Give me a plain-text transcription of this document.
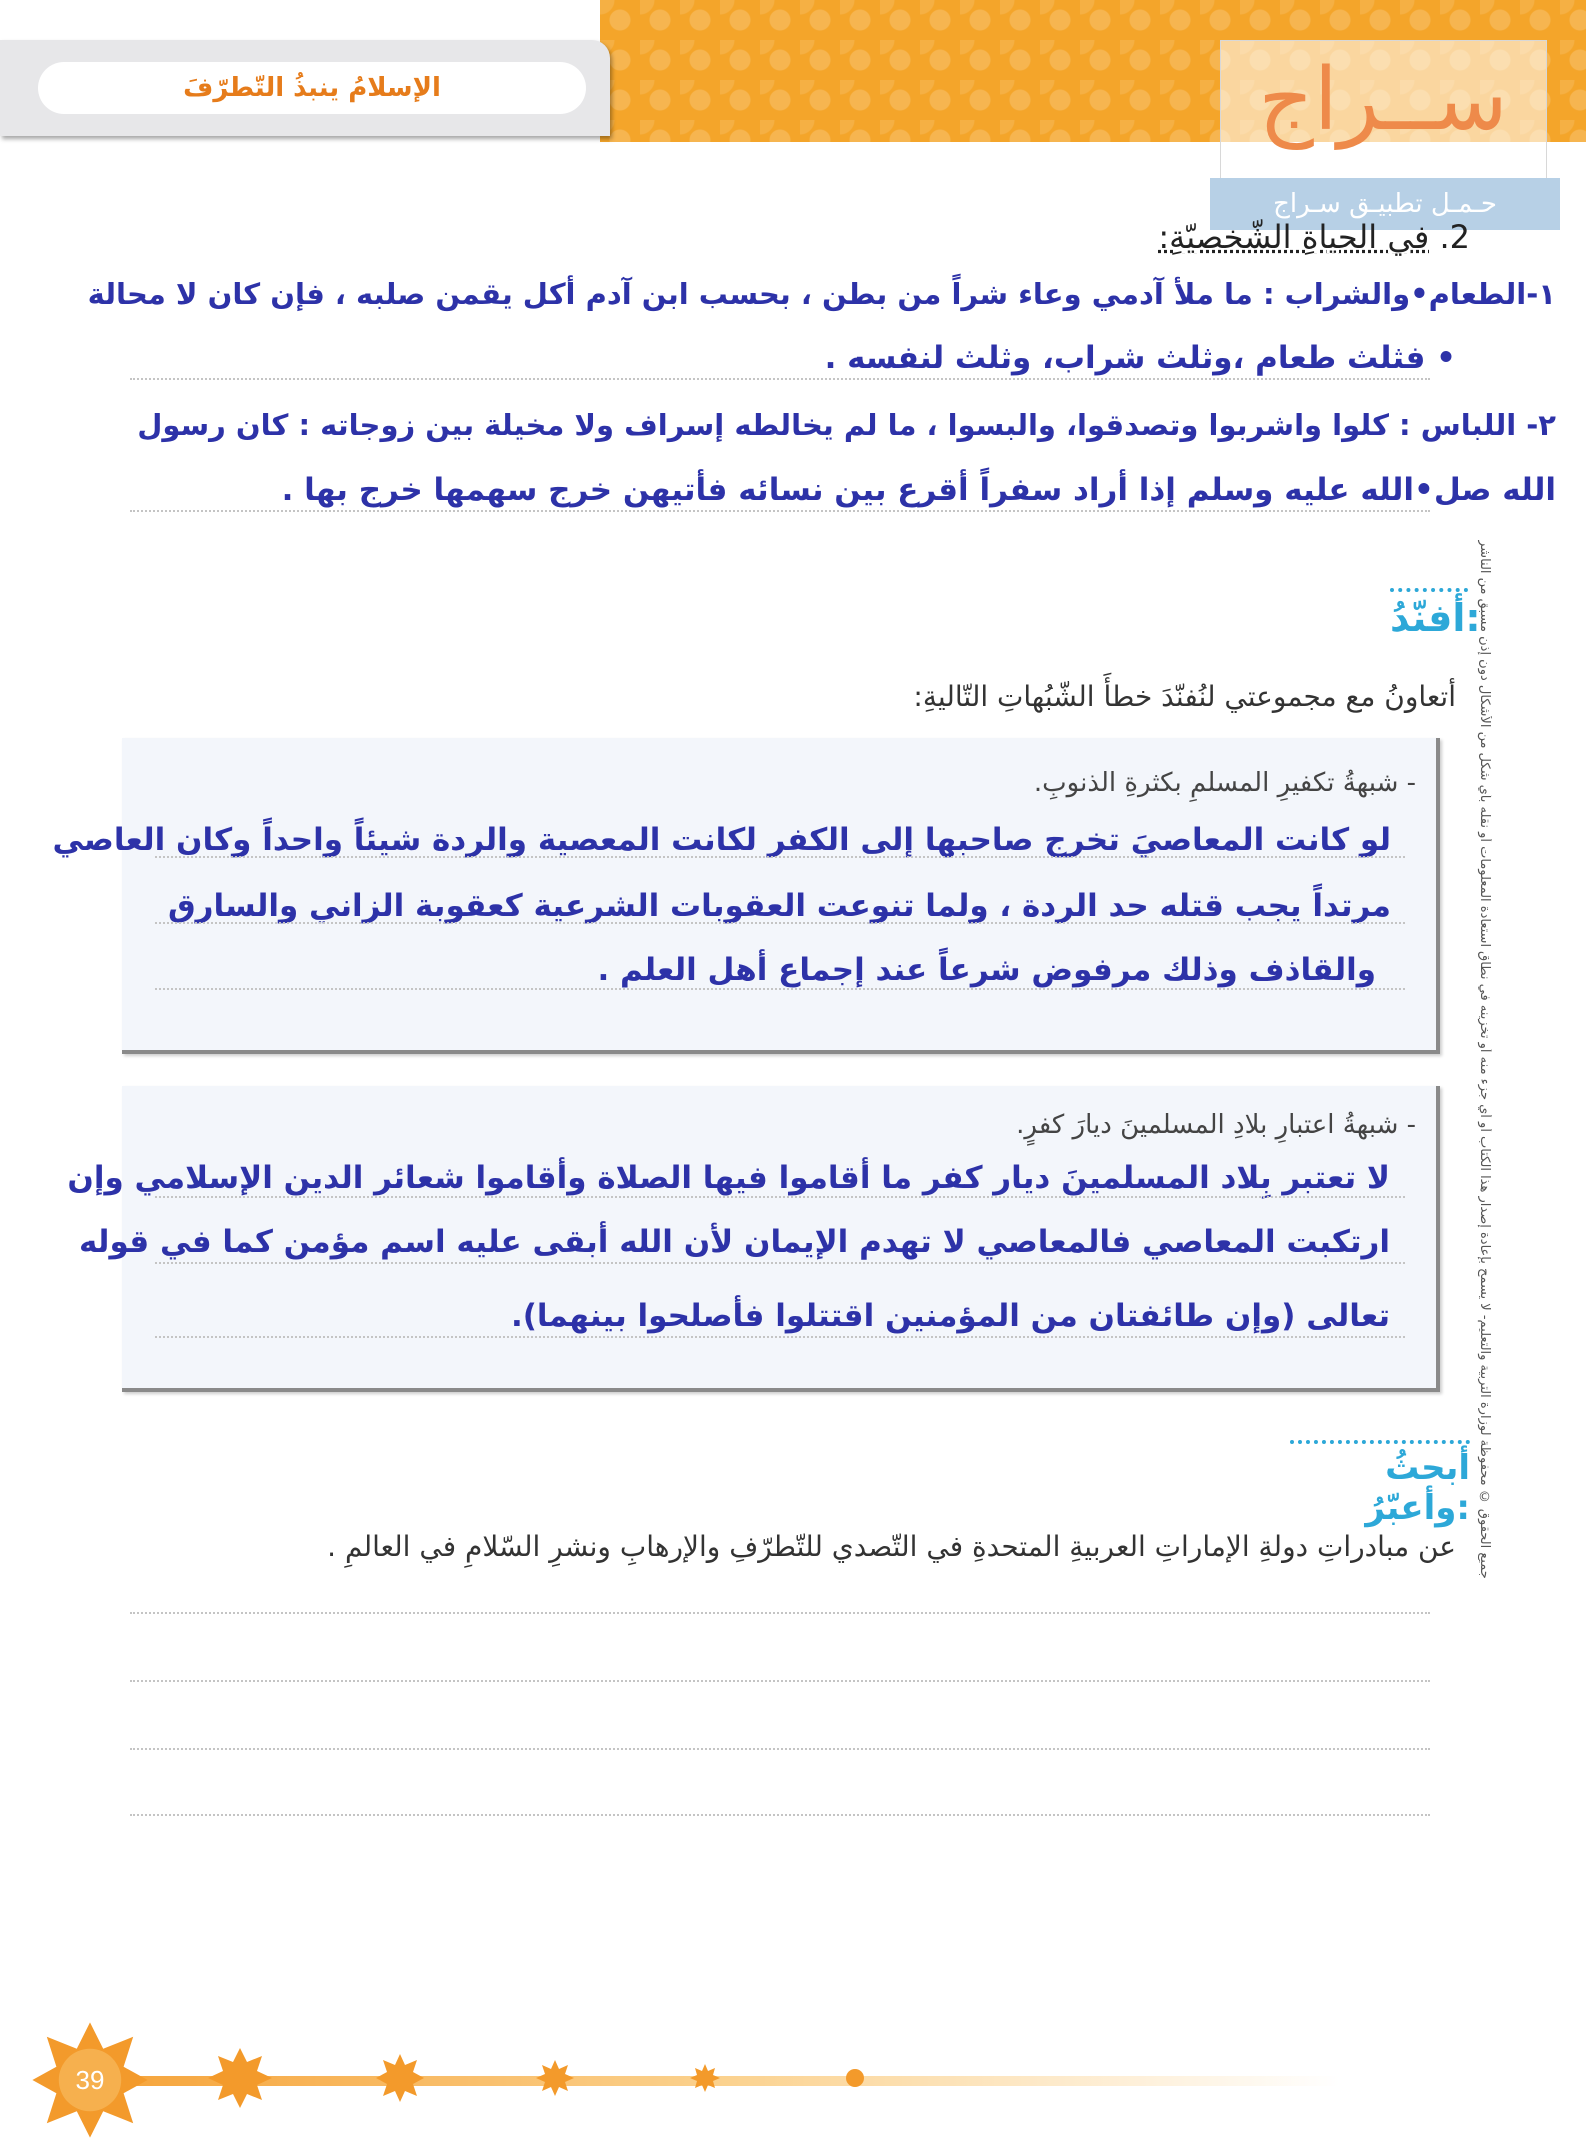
الإسلامُ ينبذُ التّطرّفَ	ســراج
حـمـل تطبيـق سـراج
2. في الحياةِ الشّخصيّةِ:
١-الطعام•والشراب : ما ملأ آدمي وعاء شراً من بطن ، بحسب ابن آدم أكل يقمن صلبه ، فإن كان لا محالة
• فثلث طعام ،وثلث شراب، وثلث لنفسه .
٢- اللباس : كلوا واشربوا وتصدقوا، والبسوا ، ما لم يخالطه إسراف ولا مخيلة بين زوجاته : كان رسول
الله صل•الله عليه وسلم إذا أراد سفراً أقرع بين نسائه فأتيهن خرج سهمها خرج بها .
جميع الحقوق © محفوظة لوزارة التربية والتعليم- لا يسمح بإعادة إصدار هذا الكتاب أو أي جزء منه أو تخزينه في نطاق استعادة المعلومات أو نقله بأي شكل من الأشكال دون إذن مسبق من الناشر
أفنّدُ:
أتعاونُ مع مجموعتي لنُفنّدَ خطأَ الشّبُهاتِ التّاليةِ:
- شبهةُ تكفيرِ المسلمِ بكثرةِ الذنوبِ.
لو كانت المعاصيَ تخرج صاحبها إلى الكفر لكانت المعصية والردة شيئاً واحداً وكان العاصي
مرتداً يجب قتله حد الردة ، ولما تنوعت العقوبات الشرعية كعقوبة الزاني والسارق
والقاذف وذلك مرفوض شرعاً عند إجماع أهل العلم .
- شبهةُ اعتبارِ بلادِ المسلمينَ ديارَ كفرٍ.
لا تعتبر بِلاد المسلمينَ ديار كفر ما أقاموا فيها الصلاة وأقاموا شعائر الدين الإسلامي وإن
ارتكبت المعاصي فالمعاصي لا تهدم الإيمان لأن الله أبقى عليه اسم مؤمن كما في قوله
تعالى (وإن طائفتان من المؤمنين اقتتلوا فأصلحوا بينهما).
أبحثُ وأعبّرُ:
عن مبادراتِ دولةِ الإماراتِ العربيةِ المتحدةِ في التّصدي للتّطرّفِ والإرهابِ ونشرِ السّلامِ في العالمِ .
39
